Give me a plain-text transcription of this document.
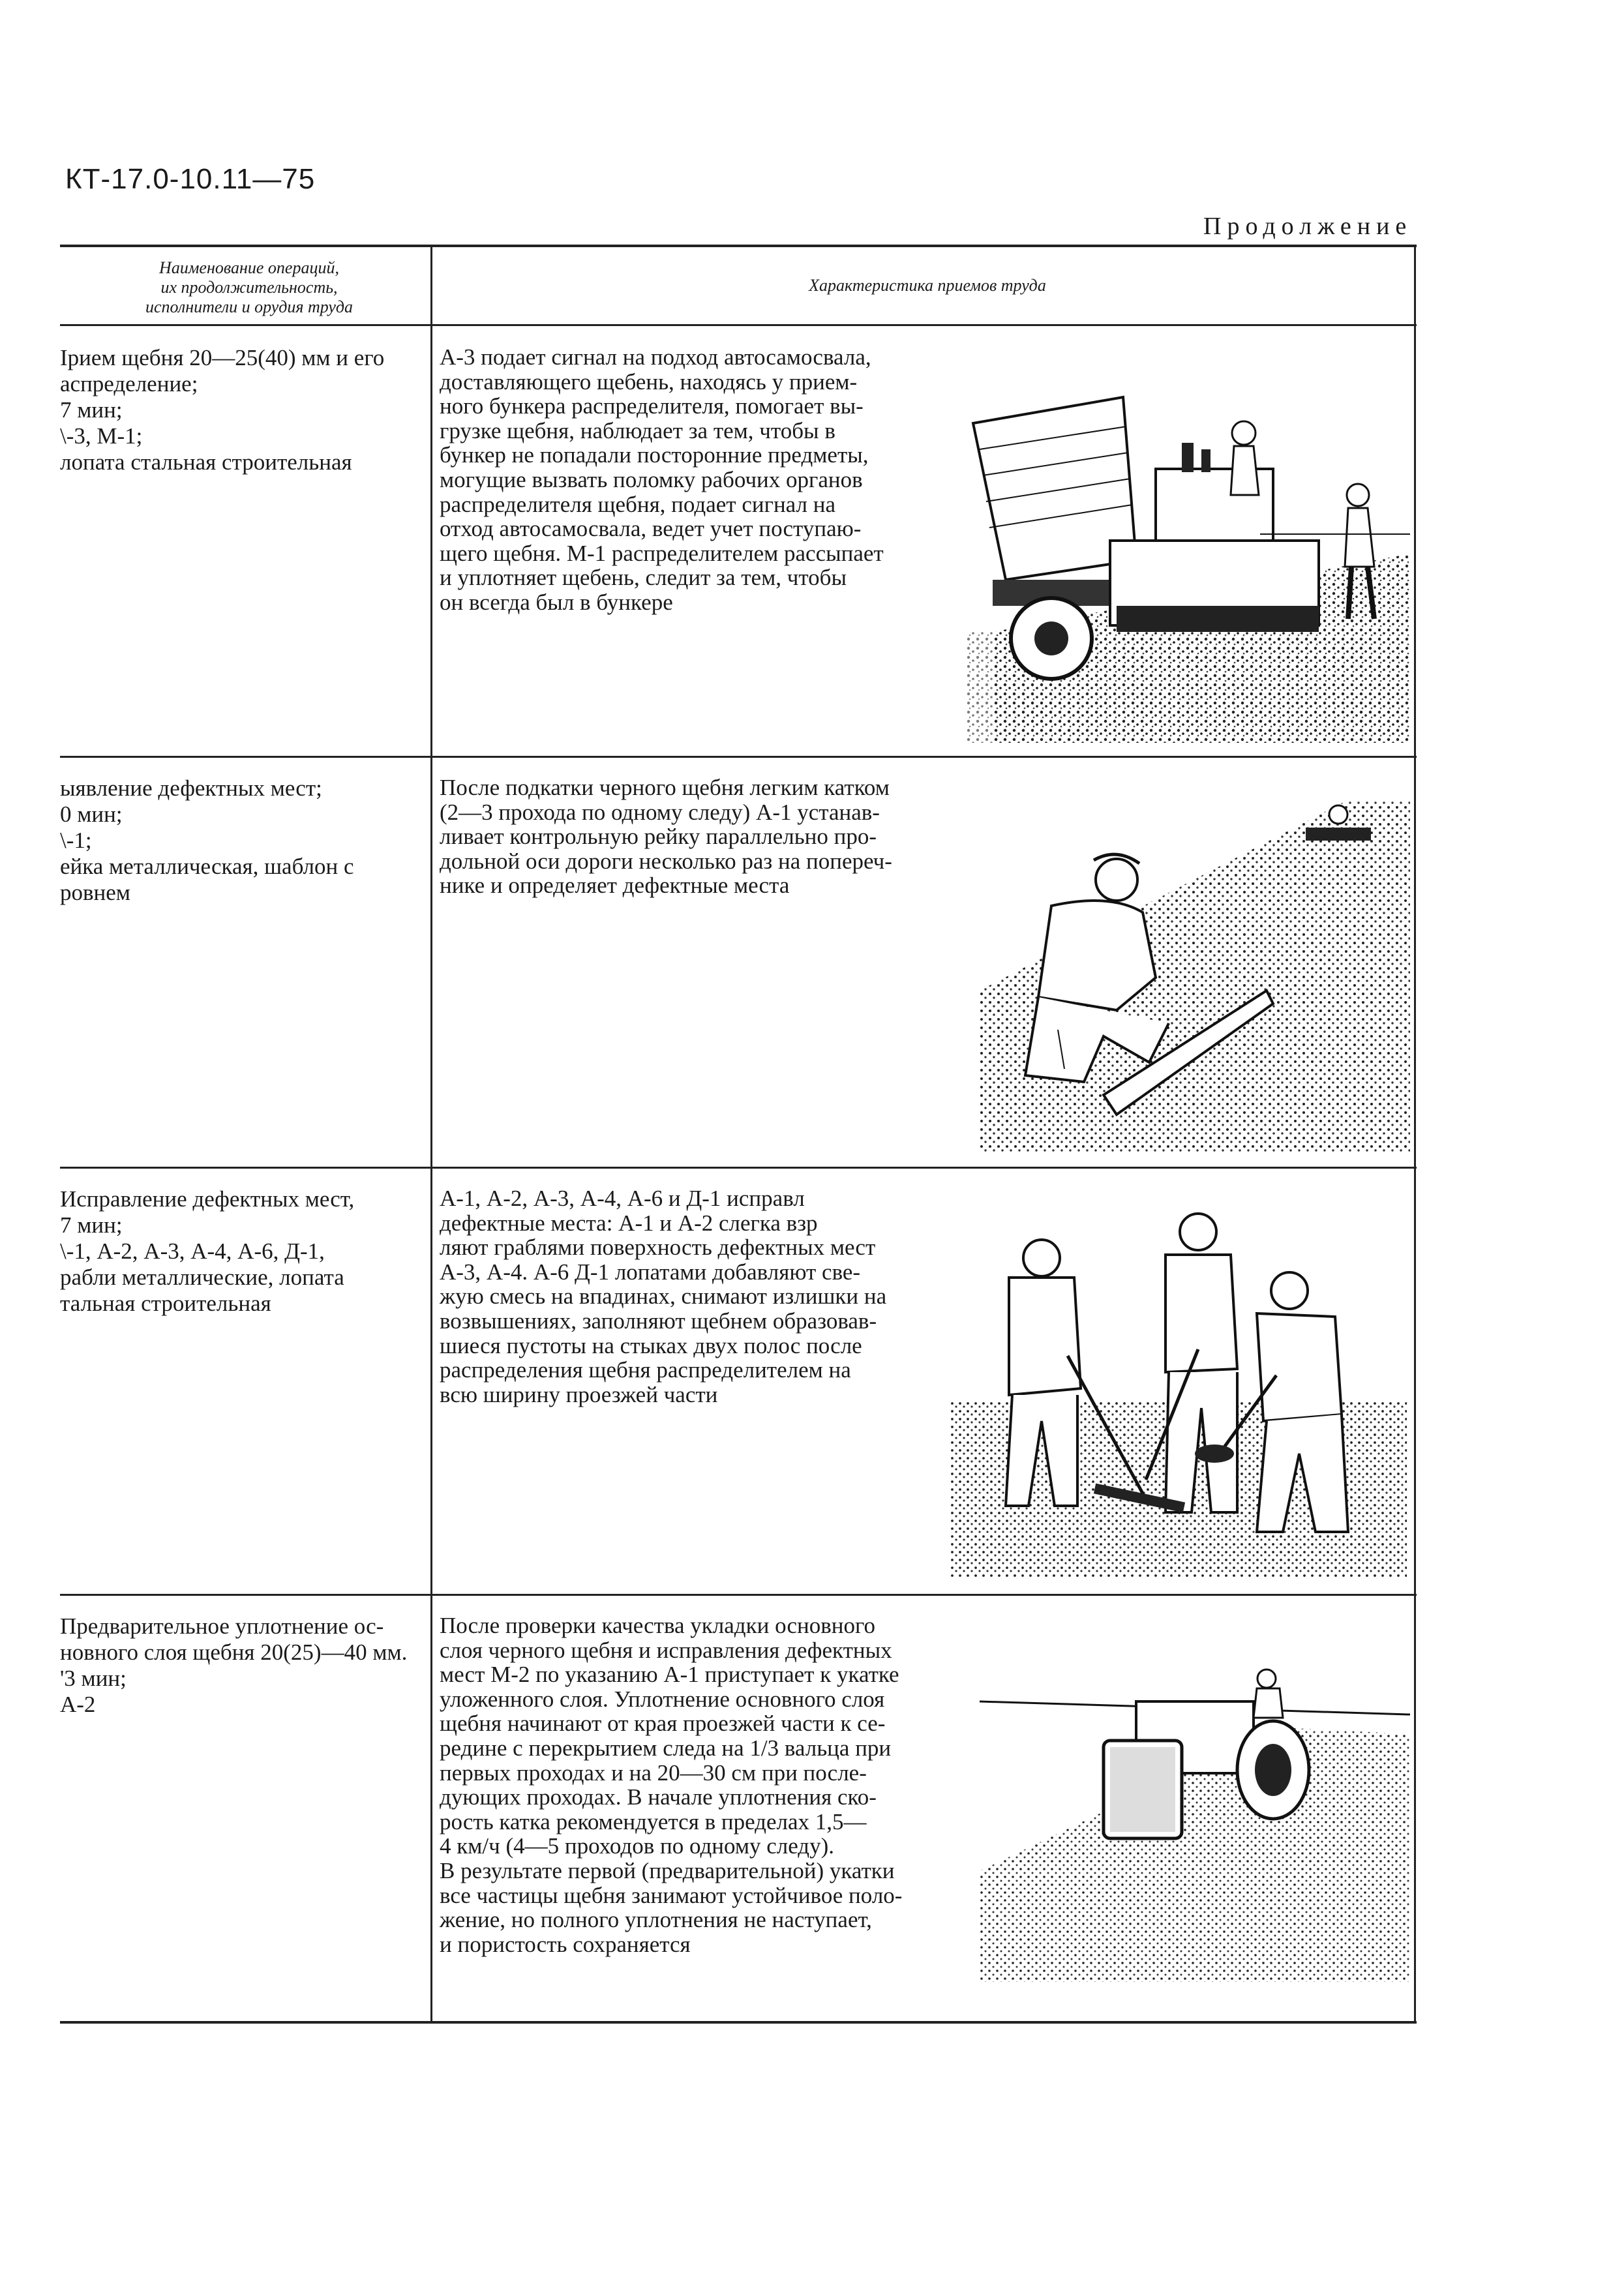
КТ-17.0-10.11—75
Продолжение
Наименование операций,
их продолжительность,
исполнители и орудия труда
Характеристика приемов труда
Ірием щебня 20—25(40) мм и его
аспределение;
7 мин;
\-3, М-1;
лопата стальная строительная
А-3 подает сигнал на подход автосамосвала,
доставляющего щебень, находясь у прием-
ного бункера распределителя, помогает вы-
грузке щебня, наблюдает за тем, чтобы в
бункер не попадали посторонние предметы,
могущие вызвать поломку рабочих органов
распределителя щебня, подает сигнал на
отход автосамосвала, ведет учет поступаю-
щего щебня. М-1 распределителем рассыпает
и уплотняет щебень, следит за тем, чтобы
он всегда был в бункере
ыявление дефектных мест;
0 мин;
\-1;
ейка металлическая, шаблон с
ровнем
После подкатки черного щебня легким катком
(2—3 прохода по одному следу) А-1 устанав-
ливает контрольную рейку параллельно про-
дольной оси дороги несколько раз на попереч-
нике и определяет дефектные места
Исправление дефектных мест,
7 мин;
\-1, А-2, А-3, А-4, А-6, Д-1,
рабли металлические, лопата
тальная строительная
А-1, А-2, А-3, А-4, А-6 и Д-1 исправл
дефектные места: А-1 и А-2 слегка взр
ляют граблями поверхность дефектных мест
А-3, А-4. А-6 Д-1 лопатами добавляют све-
жую смесь на впадинах, снимают излишки на
возвышениях, заполняют щебнем образовав-
шиеся пустоты на стыках двух полос после
распределения щебня распределителем на
всю ширину проезжей части
Предварительное уплотнение ос-
новного слоя щебня 20(25)—40 мм.
'3 мин;
А-2
После проверки качества укладки основного
слоя черного щебня и исправления дефектных
мест М-2 по указанию А-1 приступает к укатке
уложенного слоя. Уплотнение основного слоя
щебня начинают от края проезжей части к се-
редине с перекрытием следа на 1/3 вальца при
первых проходах и на 20—30 см при после-
дующих проходах. В начале уплотнения ско-
рость катка рекомендуется в пределах 1,5—
4 км/ч (4—5 проходов по одному следу).
В результате первой (предварительной) укатки
все частицы щебня занимают устойчивое поло-
жение, но полного уплотнения не наступает,
и пористость сохраняется
